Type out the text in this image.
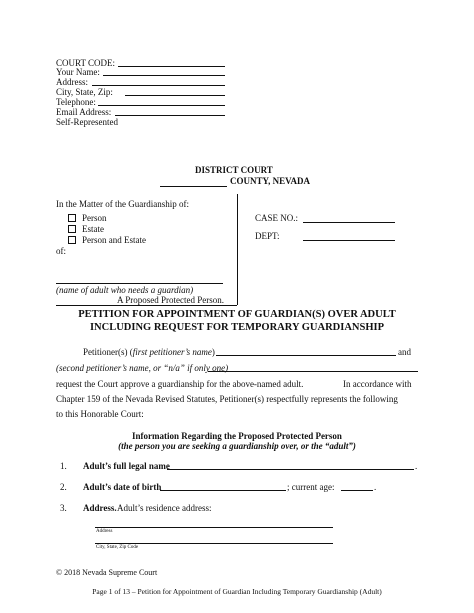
COURT CODE:
Your Name:
Address:
City, State, Zip:
Telephone:
Email Address:
Self-Represented
DISTRICT COURT
COUNTY, NEVADA
In the Matter of the Guardianship of:
Person
Estate
Person and Estate
of:
(name of adult who needs a guardian)
A Proposed Protected Person.
CASE NO.:
DEPT:
PETITION FOR APPOINTMENT OF GUARDIAN(S) OVER ADULT
INCLUDING REQUEST FOR TEMPORARY GUARDIANSHIP
Petitioner(s) (first petitioner’s name)	and
(second petitioner’s name, or “n/a” if only one)
request the Court approve a guardianship for the above-named adult.	In accordance with
Chapter 159 of the Nevada Revised Statutes, Petitioner(s) respectfully represents the following
to this Honorable Court:
Information Regarding the Proposed Protected Person
(the person you are seeking a guardianship over, or the “adult”)
1. Adult’s full legal name	.
2. Adult’s date of birth	; current age:	.
3. Address. Adult’s residence address:
Address
City, State, Zip Code
© 2018 Nevada Supreme Court
Page 1 of 13 – Petition for Appointment of Guardian Including Temporary Guardianship (Adult)
